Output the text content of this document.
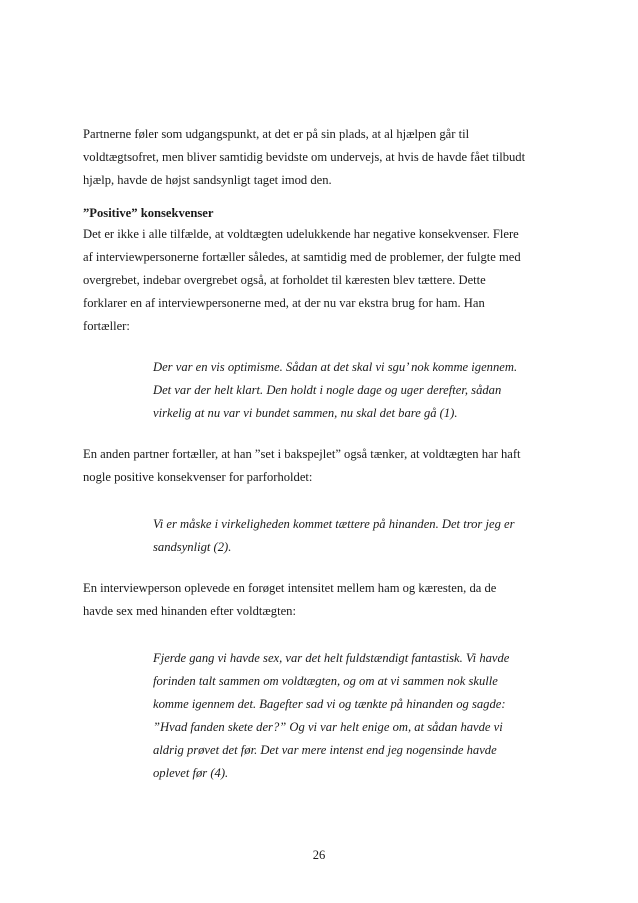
Partnerne føler som udgangspunkt, at det er på sin plads, at al hjælpen går til
voldtægtsofret, men bliver samtidig bevidste om undervejs, at hvis de havde fået tilbudt
hjælp, havde de højst sandsynligt taget imod den.
”Positive” konsekvenser
Det er ikke i alle tilfælde, at voldtægten udelukkende har negative konsekvenser. Flere
af interviewpersonerne fortæller således, at samtidig med de problemer, der fulgte med
overgrebet, indebar overgrebet også, at forholdet til kæresten blev tættere. Dette
forklarer en af interviewpersonerne med, at der nu var ekstra brug for ham. Han
fortæller:
Der var en vis optimisme. Sådan at det skal vi sgu’ nok komme igennem.
Det var der helt klart. Den holdt i nogle dage og uger derefter, sådan
virkelig at nu var vi bundet sammen, nu skal det bare gå (1).
En anden partner fortæller, at han ”set i bakspejlet” også tænker, at voldtægten har haft
nogle positive konsekvenser for parforholdet:
Vi er måske i virkeligheden kommet tættere på hinanden. Det tror jeg er
sandsynligt (2).
En interviewperson oplevede en forøget intensitet mellem ham og kæresten, da de
havde sex med hinanden efter voldtægten:
Fjerde gang vi havde sex, var det helt fuldstændigt fantastisk. Vi havde
forinden talt sammen om voldtægten, og om at vi sammen nok skulle
komme igennem det. Bagefter sad vi og tænkte på hinanden og sagde:
”Hvad fanden skete der?” Og vi var helt enige om, at sådan havde vi
aldrig prøvet det før. Det var mere intenst end jeg nogensinde havde
oplevet før (4).
26
